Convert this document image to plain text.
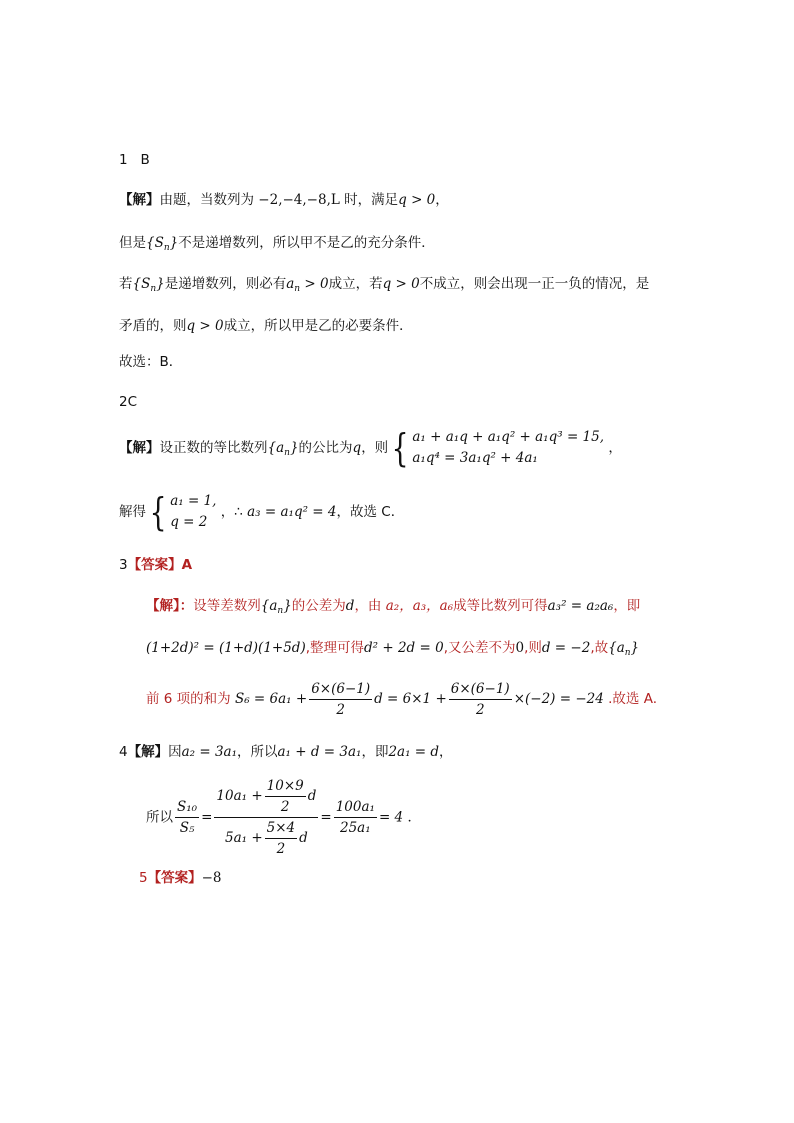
1 B
【解】由题，当数列为 −2,−4,−8,L 时，满足q > 0，
但是$\{S_n\}$不是递增数列，所以甲不是乙的充分条件．
若$\{S_n\}$是递增数列，则必有$a_n > 0$成立，若q > 0不成立，则会出现一正一负的情况，是
矛盾的，则q > 0成立，所以甲是乙的必要条件．
故选：B．
2C
【解】设正数的等比数列$\{a_n\}$的公比为q，则{ a₁ + a₁q + a₁q² + a₁q³ = 15,
a₁q⁴ = 3a₁q² + 4a₁
，
解得{ a₁ = 1,
q = 2
，∴ a₃ = a₁q² = 4，故选 C．
3【答案】A
【解】：设等差数列$\{a_n\}$的公差为d，由 a₂，a₃，a₆成等比数列可得a₃² = a₂a₆，即
(1+2d)² = (1+d)(1+5d),整理可得d² + 2d = 0,又公差不为0,则d = −2,故$\{a_n\}$
前 6 项的和为 $S_6 = 6a_1 + \frac{6\times(6-1)}{2}$ $d = 6\times 1 + \frac{6\times(6-1)}{2} \times(-2) = -24$ .故选 A.
4【解】因a₂ = 3a₁，所以a₁ + d = 3a₁，即2a₁ = d，
所以 $\frac{\text{S₁₀}}{\text{S₅}} = \frac{10a_1 + \frac{10\times 9}{2} d}{5a_1 + \frac{5\times 4}{2} d} = \frac{\text{100a₁}}{\text{25a₁}} = 4$ ．
5【答案】−8
